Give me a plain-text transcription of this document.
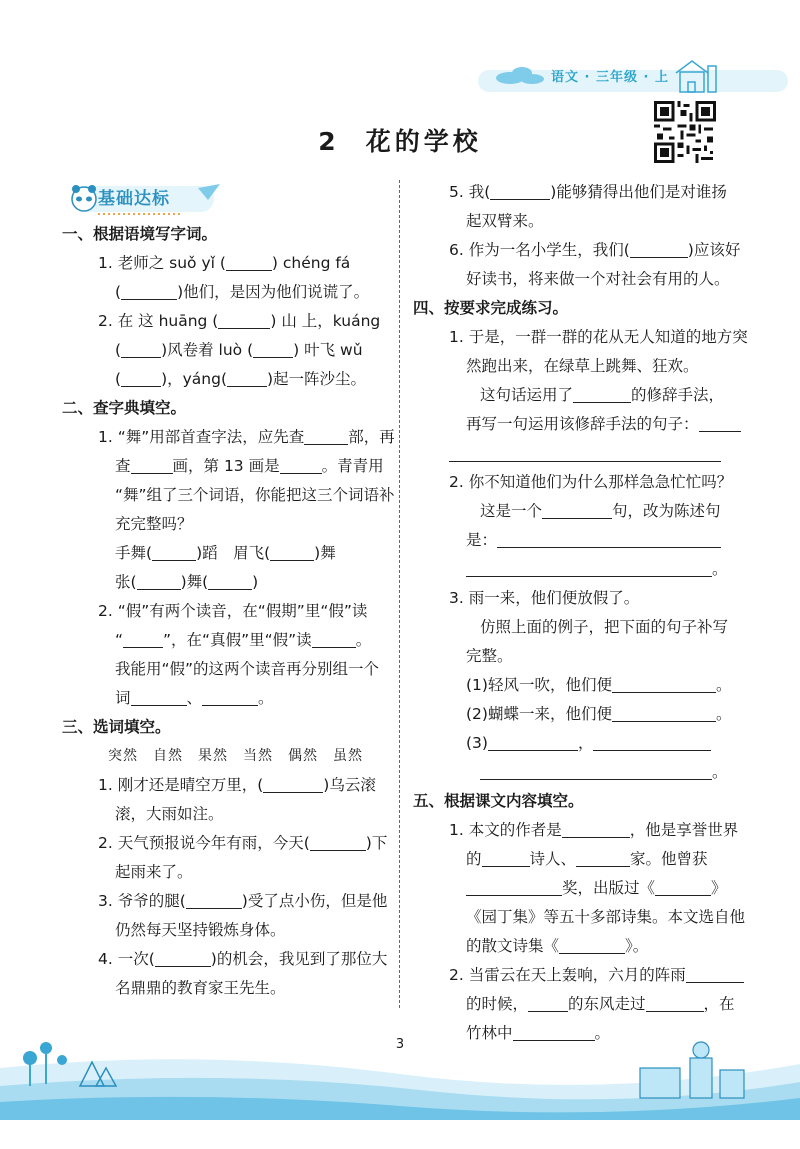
语文 · 三年级 · 上
2 花的学校
基础达标
一、根据语境写字词。
1. 老师之 suǒ yǐ (	) chéng fá
(	)他们，是因为他们说谎了。
2. 在 这 huāng (	) 山 上，kuáng
(	)风卷着 luò (	) 叶飞 wǔ
(	)，yáng(	)起一阵沙尘。
二、查字典填空。
1. “舞”用部首查字法，应先查	部，再
查	画，第 13 画是	。青青用
“舞”组了三个词语，你能把这三个词语补
充完整吗？
手舞(	)蹈　眉飞(	)舞
张(	)舞(	)
2. “假”有两个读音，在“假期”里“假”读
“	”，在“真假”里“假”读	。
我能用“假”的这两个读音再分别组一个
词	、	。
三、选词填空。
突然　自然　果然　当然　偶然　虽然
1. 刚才还是晴空万里，(	)乌云滚
滚，大雨如注。
2. 天气预报说今年有雨，今天(	)下
起雨来了。
3. 爷爷的腿(	)受了点小伤，但是他
仍然每天坚持锻炼身体。
4. 一次(	)的机会，我见到了那位大
名鼎鼎的教育家王先生。
5. 我(	)能够猜得出他们是对谁扬
起双臂来。
6. 作为一名小学生，我们(	)应该好
好读书，将来做一个对社会有用的人。
四、按要求完成练习。
1. 于是，一群一群的花从无人知道的地方突
然跑出来，在绿草上跳舞、狂欢。
这句话运用了	的修辞手法，
再写一句运用该修辞手法的句子：
2. 你不知道他们为什么那样急急忙忙吗？
这是一个	句，改为陈述句
是：
。
3. 雨一来，他们便放假了。
仿照上面的例子，把下面的句子补写
完整。
(1)轻风一吹，他们便	。
(2)蝴蝶一来，他们便	。
(3)	，
。
五、根据课文内容填空。
1. 本文的作者是	，他是享誉世界
的	诗人、	家。他曾获
奖，出版过《	》
《园丁集》等五十多部诗集。本文选自他
的散文诗集《	》。
2. 当雷云在天上轰响，六月的阵雨
的时候，	的东风走过	，在
竹林中	。
3
